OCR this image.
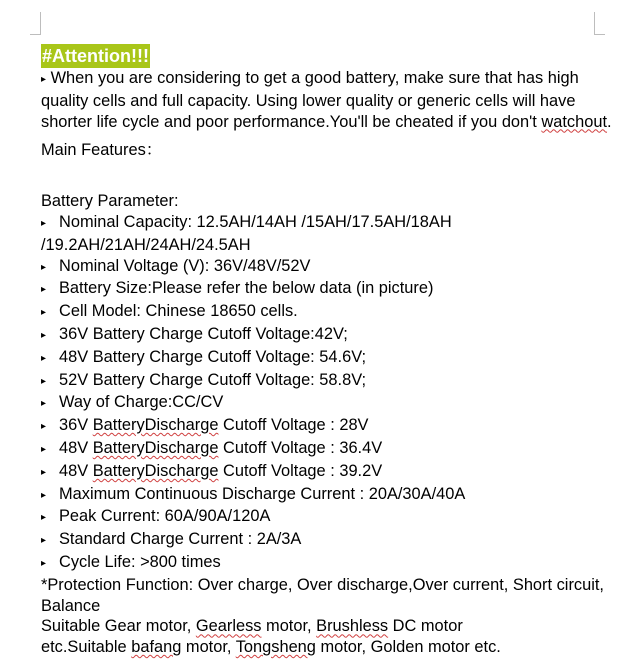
#Attention!!!

▸ When you are considering to get a good battery, make sure that has high quality cells and full capacity. Using lower quality or generic cells will have shorter life cycle and poor performance.You'll be cheated if you don't watchout.

Main Features：

Battery Parameter:

▸ Nominal Capacity: 12.5AH/14AH /15AH/17.5AH/18AH

/19.2AH/21AH/24AH/24.5AH

▸ Nominal Voltage (V): 36V/48V/52V

▸ Battery Size:Please refer the below data (in picture)

▸ Cell Model: Chinese 18650 cells.

▸ 36V Battery Charge Cutoff Voltage:42V;

▸ 48V Battery Charge Cutoff Voltage: 54.6V;

▸ 52V Battery Charge Cutoff Voltage: 58.8V;

▸ Way of Charge:CC/CV

▸ 36V BatteryDischarge Cutoff Voltage : 28V

▸ 48V BatteryDischarge Cutoff Voltage : 36.4V

▸ 48V BatteryDischarge Cutoff Voltage : 39.2V

▸ Maximum Continuous Discharge Current : 20A/30A/40A

▸ Peak Current: 60A/90A/120A

▸ Standard Charge Current : 2A/3A

▸ Cycle Life: >800 times

*Protection Function: Over charge, Over discharge,Over current, Short circuit, Balance

Suitable Gear motor, Gearless motor, Brushless DC motor
etc.Suitable bafang motor, Tongsheng motor, Golden motor etc.
